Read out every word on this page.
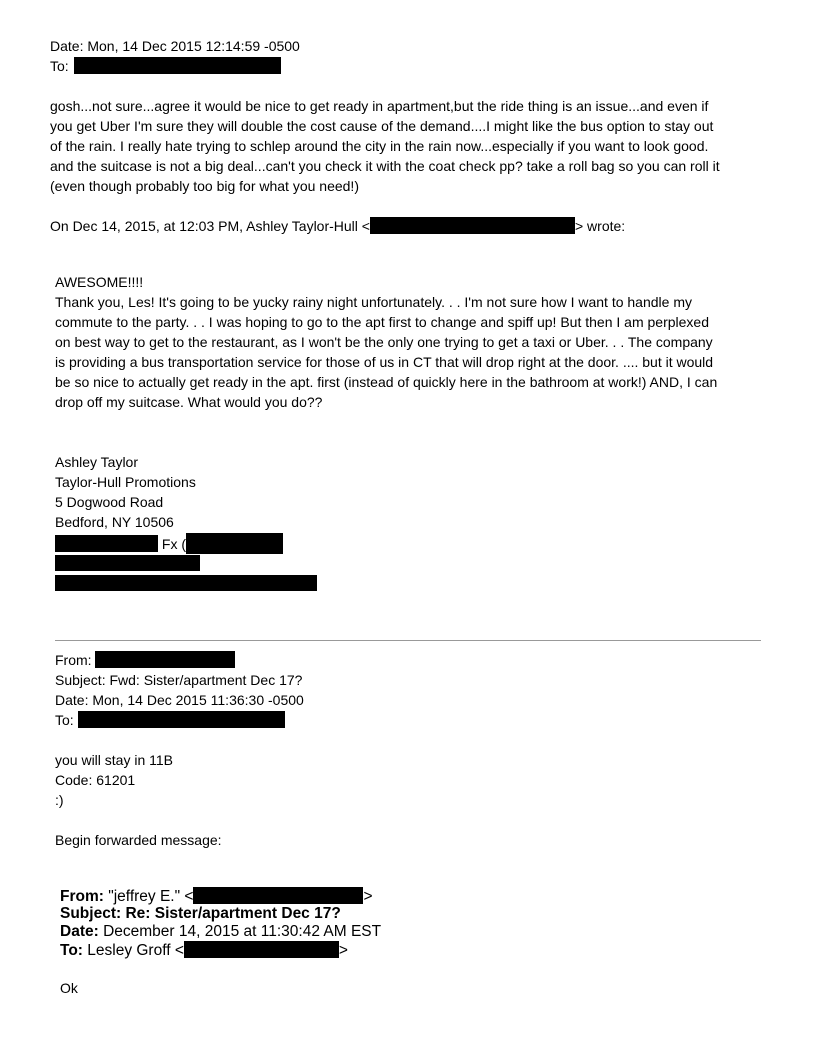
Date: Mon, 14 Dec 2015 12:14:59 -0500
To:
gosh...not sure...agree it would be nice to get ready in apartment,but the ride thing is an issue...and even if
you get Uber I'm sure they will double the cost cause of the demand....I might like the bus option to stay out
of the rain. I really hate trying to schlep around the city in the rain now...especially if you want to look good.
and the suitcase is not a big deal...can't you check it with the coat check pp? take a roll bag so you can roll it
(even though probably too big for what you need!)
On Dec 14, 2015, at 12:03 PM, Ashley Taylor-Hull <	> wrote:
AWESOME!!!!
Thank you, Les! It's going to be yucky rainy night unfortunately. . . I'm not sure how I want to handle my
commute to the party. . . I was hoping to go to the apt first to change and spiff up! But then I am perplexed
on best way to get to the restaurant, as I won't be the only one trying to get a taxi or Uber. . . The company
is providing a bus transportation service for those of us in CT that will drop right at the door. .... but it would
be so nice to actually get ready in the apt. first (instead of quickly here in the bathroom at work!) AND, I can
drop off my suitcase. What would you do??
Ashley Taylor
Taylor-Hull Promotions
5 Dogwood Road
Bedford, NY 10506
Fx (
From:
Subject: Fwd: Sister/apartment Dec 17?
Date: Mon, 14 Dec 2015 11:36:30 -0500
To:
you will stay in 11B
Code: 61201
:)
Begin forwarded message:
From: "jeffrey E." <	>
Subject: Re: Sister/apartment Dec 17?
Date: December 14, 2015 at 11:30:42 AM EST
To: Lesley Groff <	>
Ok
